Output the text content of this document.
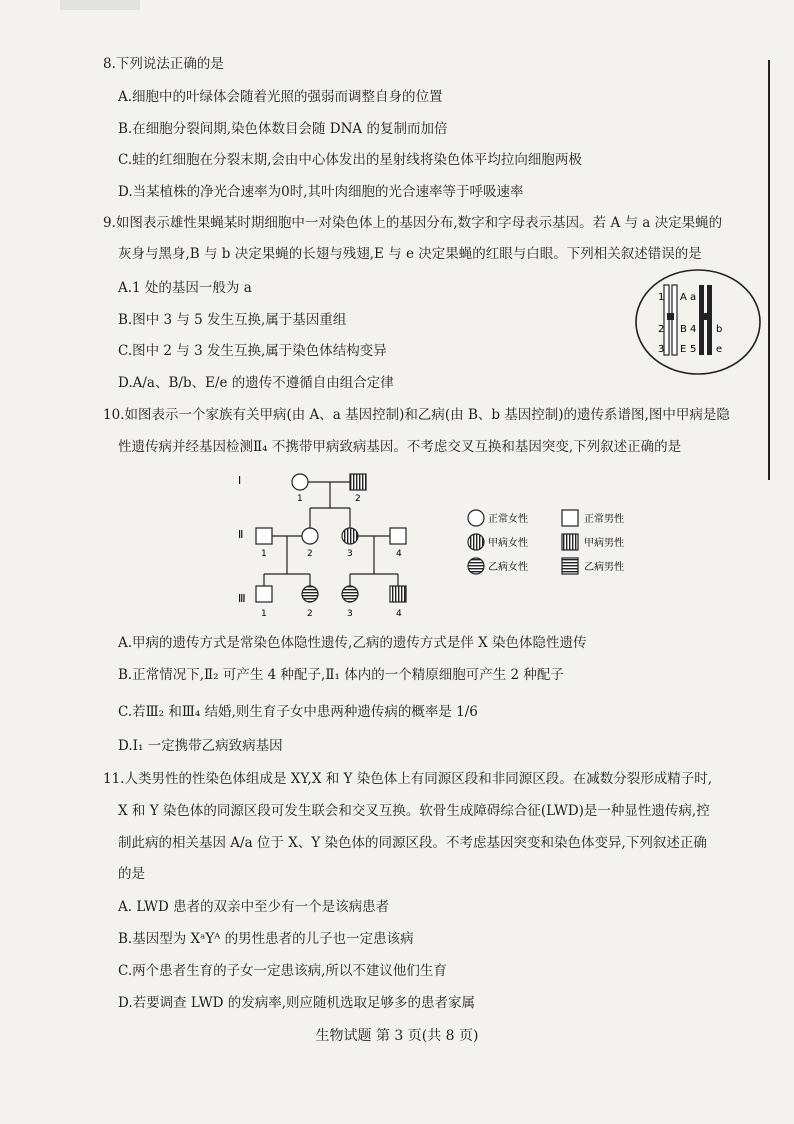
8.下列说法正确的是
A.细胞中的叶绿体会随着光照的强弱而调整自身的位置
B.在细胞分裂间期,染色体数目会随 DNA 的复制而加倍
C.蛙的红细胞在分裂末期,会由中心体发出的星射线将染色体平均拉向细胞两极
D.当某植株的净光合速率为0时,其叶肉细胞的光合速率等于呼吸速率
9.如图表示雄性果蝇某时期细胞中一对染色体上的基因分布,数字和字母表示基因。若 A 与 a 决定果蝇的
灰身与黑身,B 与 b 决定果蝇的长翅与残翅,E 与 e 决定果蝇的红眼与白眼。下列相关叙述错误的是
A.1 处的基因一般为 a
B.图中 3 与 5 发生互换,属于基因重组
C.图中 2 与 3 发生互换,属于染色体结构变异
D.A/a、B/b、E/e 的遗传不遵循自由组合定律
1 A a
2 B 4 b
3 E 5 e
10.如图表示一个家族有关甲病(由 A、a 基因控制)和乙病(由 B、b 基因控制)的遗传系谱图,图中甲病是隐
性遗传病并经基因检测Ⅱ₄ 不携带甲病致病基因。不考虑交叉互换和基因突变,下列叙述正确的是
Ⅰ
Ⅱ
Ⅲ
1	2
1	2	3	4
1	2	3	4
正常女性	正常男性
甲病女性	甲病男性
乙病女性	乙病男性
A.甲病的遗传方式是常染色体隐性遗传,乙病的遗传方式是伴 X 染色体隐性遗传
B.正常情况下,Ⅱ₂ 可产生 4 种配子,Ⅱ₁ 体内的一个精原细胞可产生 2 种配子
C.若Ⅲ₂ 和Ⅲ₄ 结婚,则生育子女中患两种遗传病的概率是 1/6
D.Ⅰ₁ 一定携带乙病致病基因
11.人类男性的性染色体组成是 XY,X 和 Y 染色体上有同源区段和非同源区段。在减数分裂形成精子时,
X 和 Y 染色体的同源区段可发生联会和交叉互换。软骨生成障碍综合征(LWD)是一种显性遗传病,控
制此病的相关基因 A/a 位于 X、Y 染色体的同源区段。不考虑基因突变和染色体变异,下列叙述正确
的是
A. LWD 患者的双亲中至少有一个是该病患者
B.基因型为 XᵃYᴬ 的男性患者的儿子也一定患该病
C.两个患者生育的子女一定患该病,所以不建议他们生育
D.若要调查 LWD 的发病率,则应随机选取足够多的患者家属
生物试题 第 3 页(共 8 页)
